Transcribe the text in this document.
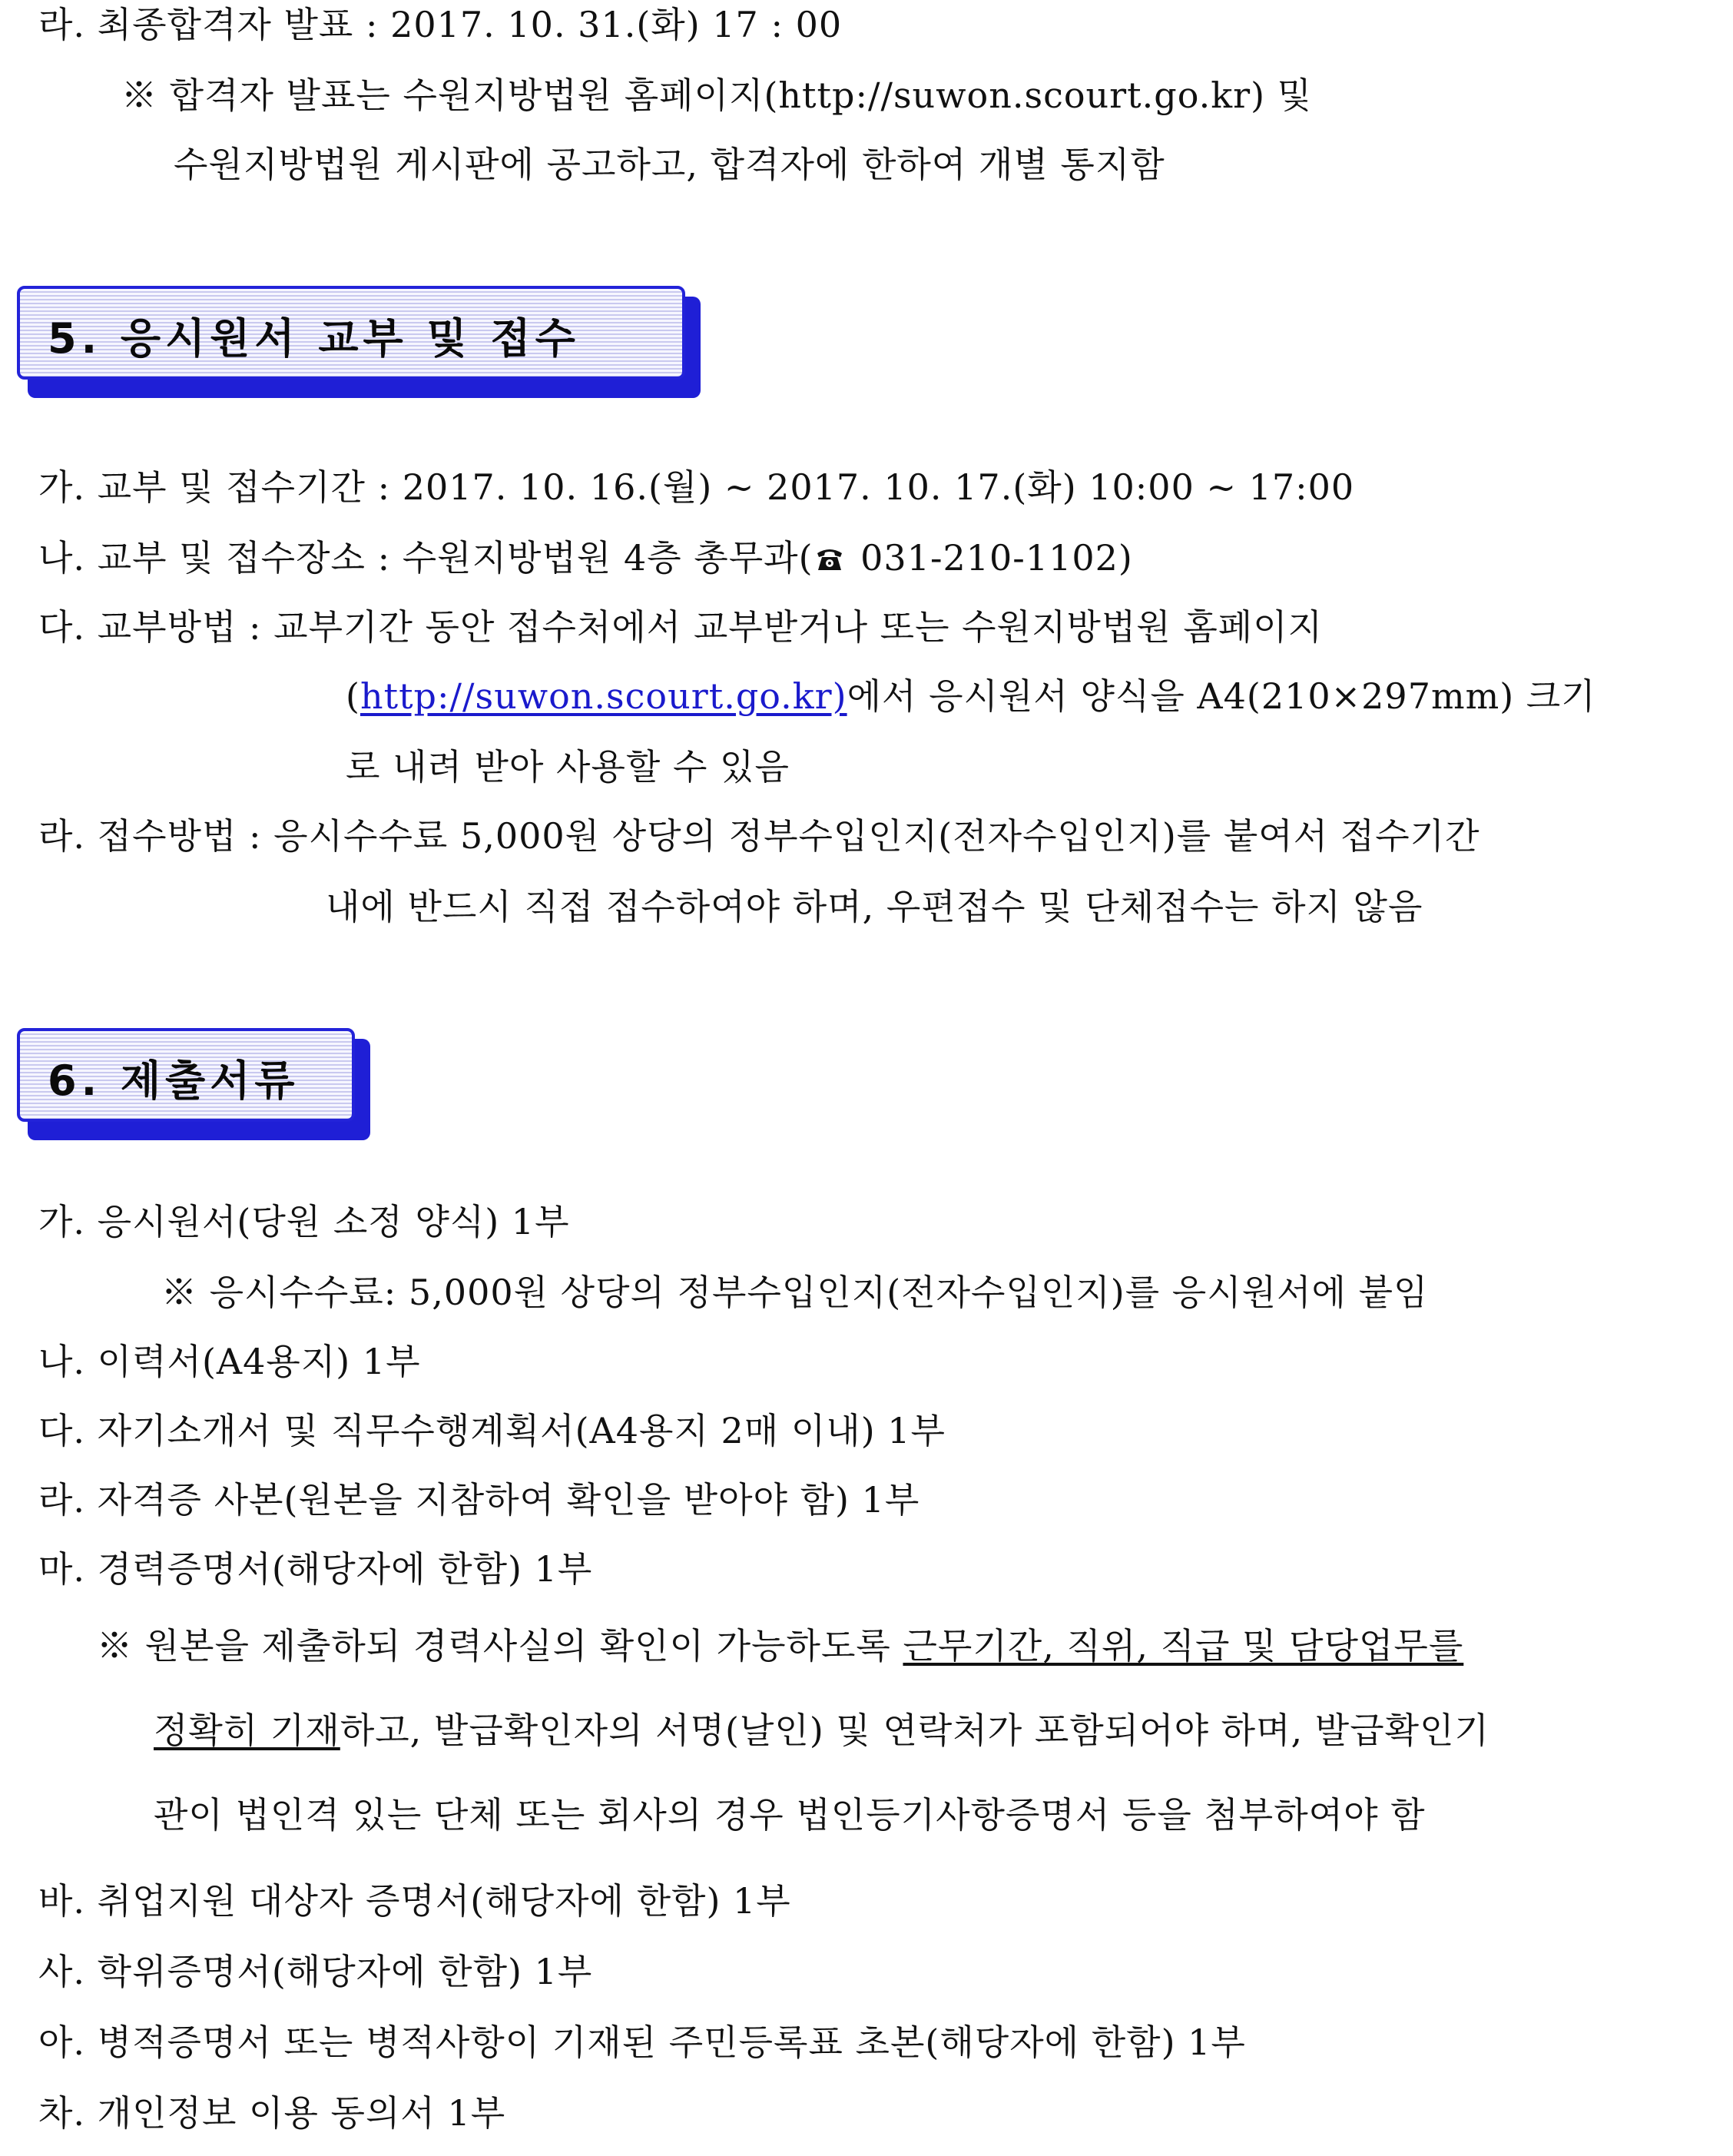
라. 최종합격자 발표 : 2017. 10. 31.(화) 17 : 00
※ 합격자 발표는 수원지방법원 홈페이지(http://suwon.scourt.go.kr) 및
수원지방법원 게시판에 공고하고, 합격자에 한하여 개별 통지함
5. 응시원서 교부 및 접수
가. 교부 및 접수기간 : 2017. 10. 16.(월) ~ 2017. 10. 17.(화) 10:00 ~ 17:00
나. 교부 및 접수장소 : 수원지방법원 4층 총무과( 031-210-1102)
다. 교부방법 : 교부기간 동안 접수처에서 교부받거나 또는 수원지방법원 홈페이지
(http://suwon.scourt.go.kr)에서 응시원서 양식을 A4(210×297mm) 크기
로 내려 받아 사용할 수 있음
라. 접수방법 : 응시수수료 5,000원 상당의 정부수입인지(전자수입인지)를 붙여서 접수기간
내에 반드시 직접 접수하여야 하며, 우편접수 및 단체접수는 하지 않음
6. 제출서류
가. 응시원서(당원 소정 양식) 1부
※ 응시수수료: 5,000원 상당의 정부수입인지(전자수입인지)를 응시원서에 붙임
나. 이력서(A4용지) 1부
다. 자기소개서 및 직무수행계획서(A4용지 2매 이내) 1부
라. 자격증 사본(원본을 지참하여 확인을 받아야 함) 1부
마. 경력증명서(해당자에 한함) 1부
※ 원본을 제출하되 경력사실의 확인이 가능하도록 근무기간, 직위, 직급 및 담당업무를
정확히 기재하고, 발급확인자의 서명(날인) 및 연락처가 포함되어야 하며, 발급확인기
관이 법인격 있는 단체 또는 회사의 경우 법인등기사항증명서 등을 첨부하여야 함
바. 취업지원 대상자 증명서(해당자에 한함) 1부
사. 학위증명서(해당자에 한함) 1부
아. 병적증명서 또는 병적사항이 기재된 주민등록표 초본(해당자에 한함) 1부
차. 개인정보 이용 동의서 1부
